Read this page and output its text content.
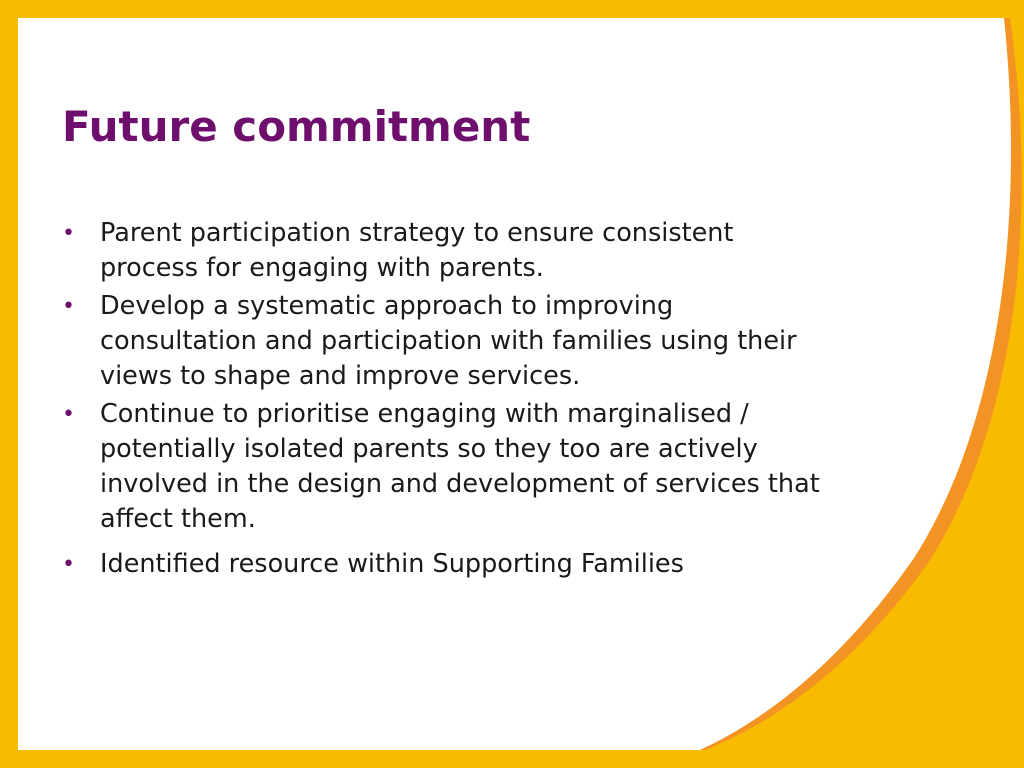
Future commitment
• Parent participation strategy to ensure consistent process for engaging with parents.
• Develop a systematic approach to improving consultation and participation with families using their views to shape and improve services.
• Continue to prioritise engaging with marginalised / potentially isolated parents so they too are actively involved in the design and development of services that affect them.
• Identified resource within Supporting Families
